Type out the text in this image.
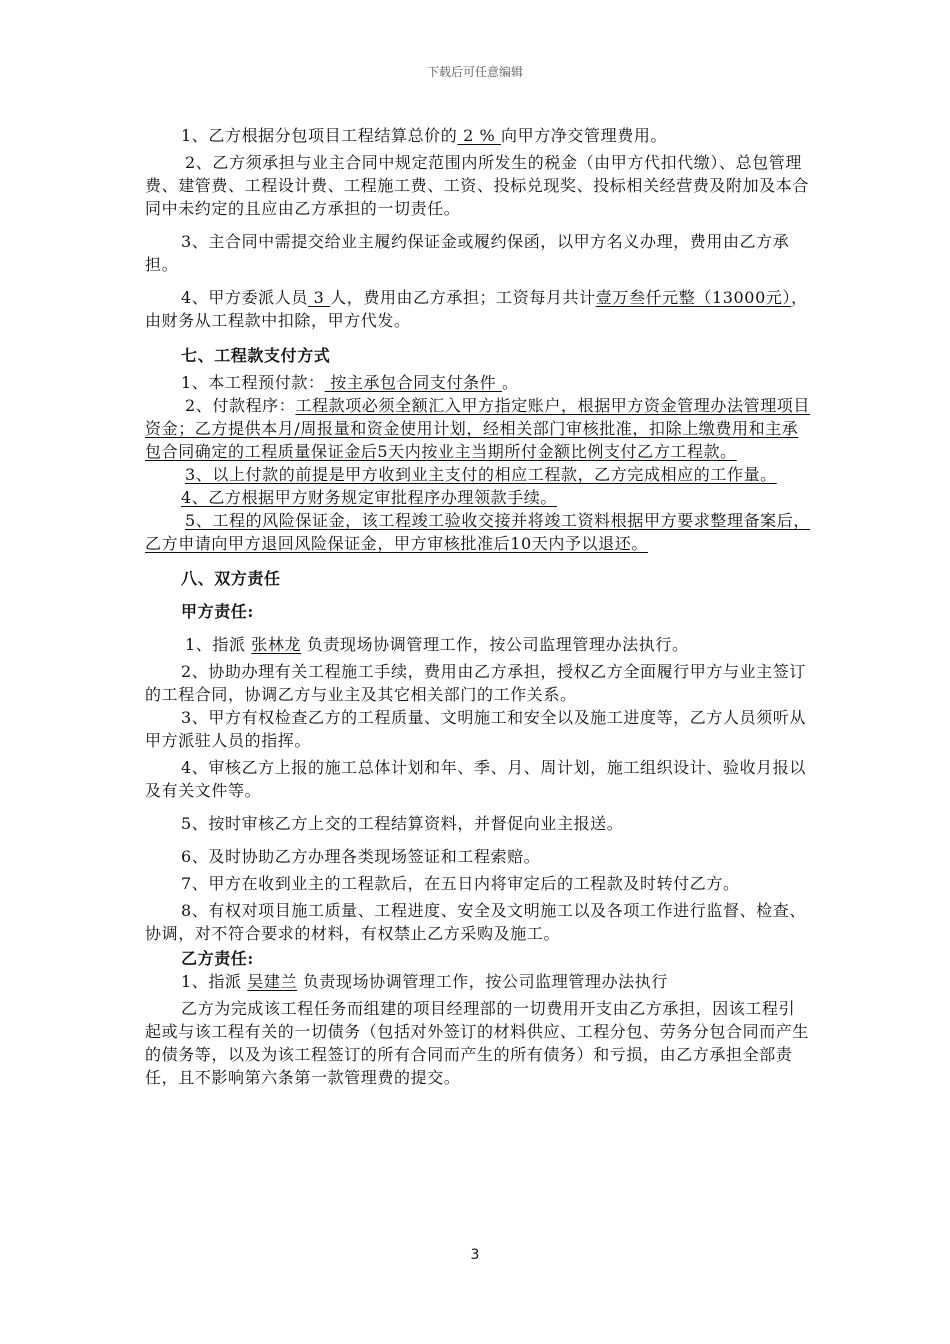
下载后可任意编辑

1、乙方根据分包项目工程结算总价的 2 % 向甲方净交管理费用。

2、乙方须承担与业主合同中规定范围内所发生的税金（由甲方代扣代缴）、总包管理费、建管费、工程设计费、工程施工费、工资、投标兑现奖、投标相关经营费及附加及本合同中未约定的且应由乙方承担的一切责任。

3、主合同中需提交给业主履约保证金或履约保函，以甲方名义办理，费用由乙方承担。

4、甲方委派人员 3 人，费用由乙方承担；工资每月共计壹万叁仟元整（13000元），由财务从工程款中扣除，甲方代发。

七、工程款支付方式

1、本工程预付款： 按主承包合同支付条件 。

2、付款程序：工程款项必须全额汇入甲方指定账户，根据甲方资金管理办法管理项目资金；乙方提供本月/周报量和资金使用计划，经相关部门审核批准，扣除上缴费用和主承包合同确定的工程质量保证金后5天内按业主当期所付金额比例支付乙方工程款。

3、以上付款的前提是甲方收到业主支付的相应工程款，乙方完成相应的工作量。

4、乙方根据甲方财务规定审批程序办理领款手续。

5、工程的风险保证金，该工程竣工验收交接并将竣工资料根据甲方要求整理备案后，乙方申请向甲方退回风险保证金，甲方审核批准后10天内予以退还。

八、双方责任

甲方责任:

1、指派 张林龙 负责现场协调管理工作，按公司监理管理办法执行。

2、协助办理有关工程施工手续，费用由乙方承担，授权乙方全面履行甲方与业主签订的工程合同，协调乙方与业主及其它相关部门的工作关系。

3、甲方有权检查乙方的工程质量、文明施工和安全以及施工进度等，乙方人员须听从甲方派驻人员的指挥。

4、审核乙方上报的施工总体计划和年、季、月、周计划，施工组织设计、验收月报以及有关文件等。

5、按时审核乙方上交的工程结算资料，并督促向业主报送。

6、及时协助乙方办理各类现场签证和工程索赔。

7、甲方在收到业主的工程款后，在五日内将审定后的工程款及时转付乙方。

8、有权对项目施工质量、工程进度、安全及文明施工以及各项工作进行监督、检查、协调，对不符合要求的材料，有权禁止乙方采购及施工。

乙方责任:

1、指派 吴建兰 负责现场协调管理工作，按公司监理管理办法执行

乙方为完成该工程任务而组建的项目经理部的一切费用开支由乙方承担，因该工程引起或与该工程有关的一切债务（包括对外签订的材料供应、工程分包、劳务分包合同而产生的债务等，以及为该工程签订的所有合同而产生的所有债务）和亏损，由乙方承担全部责任，且不影响第六条第一款管理费的提交。

3
